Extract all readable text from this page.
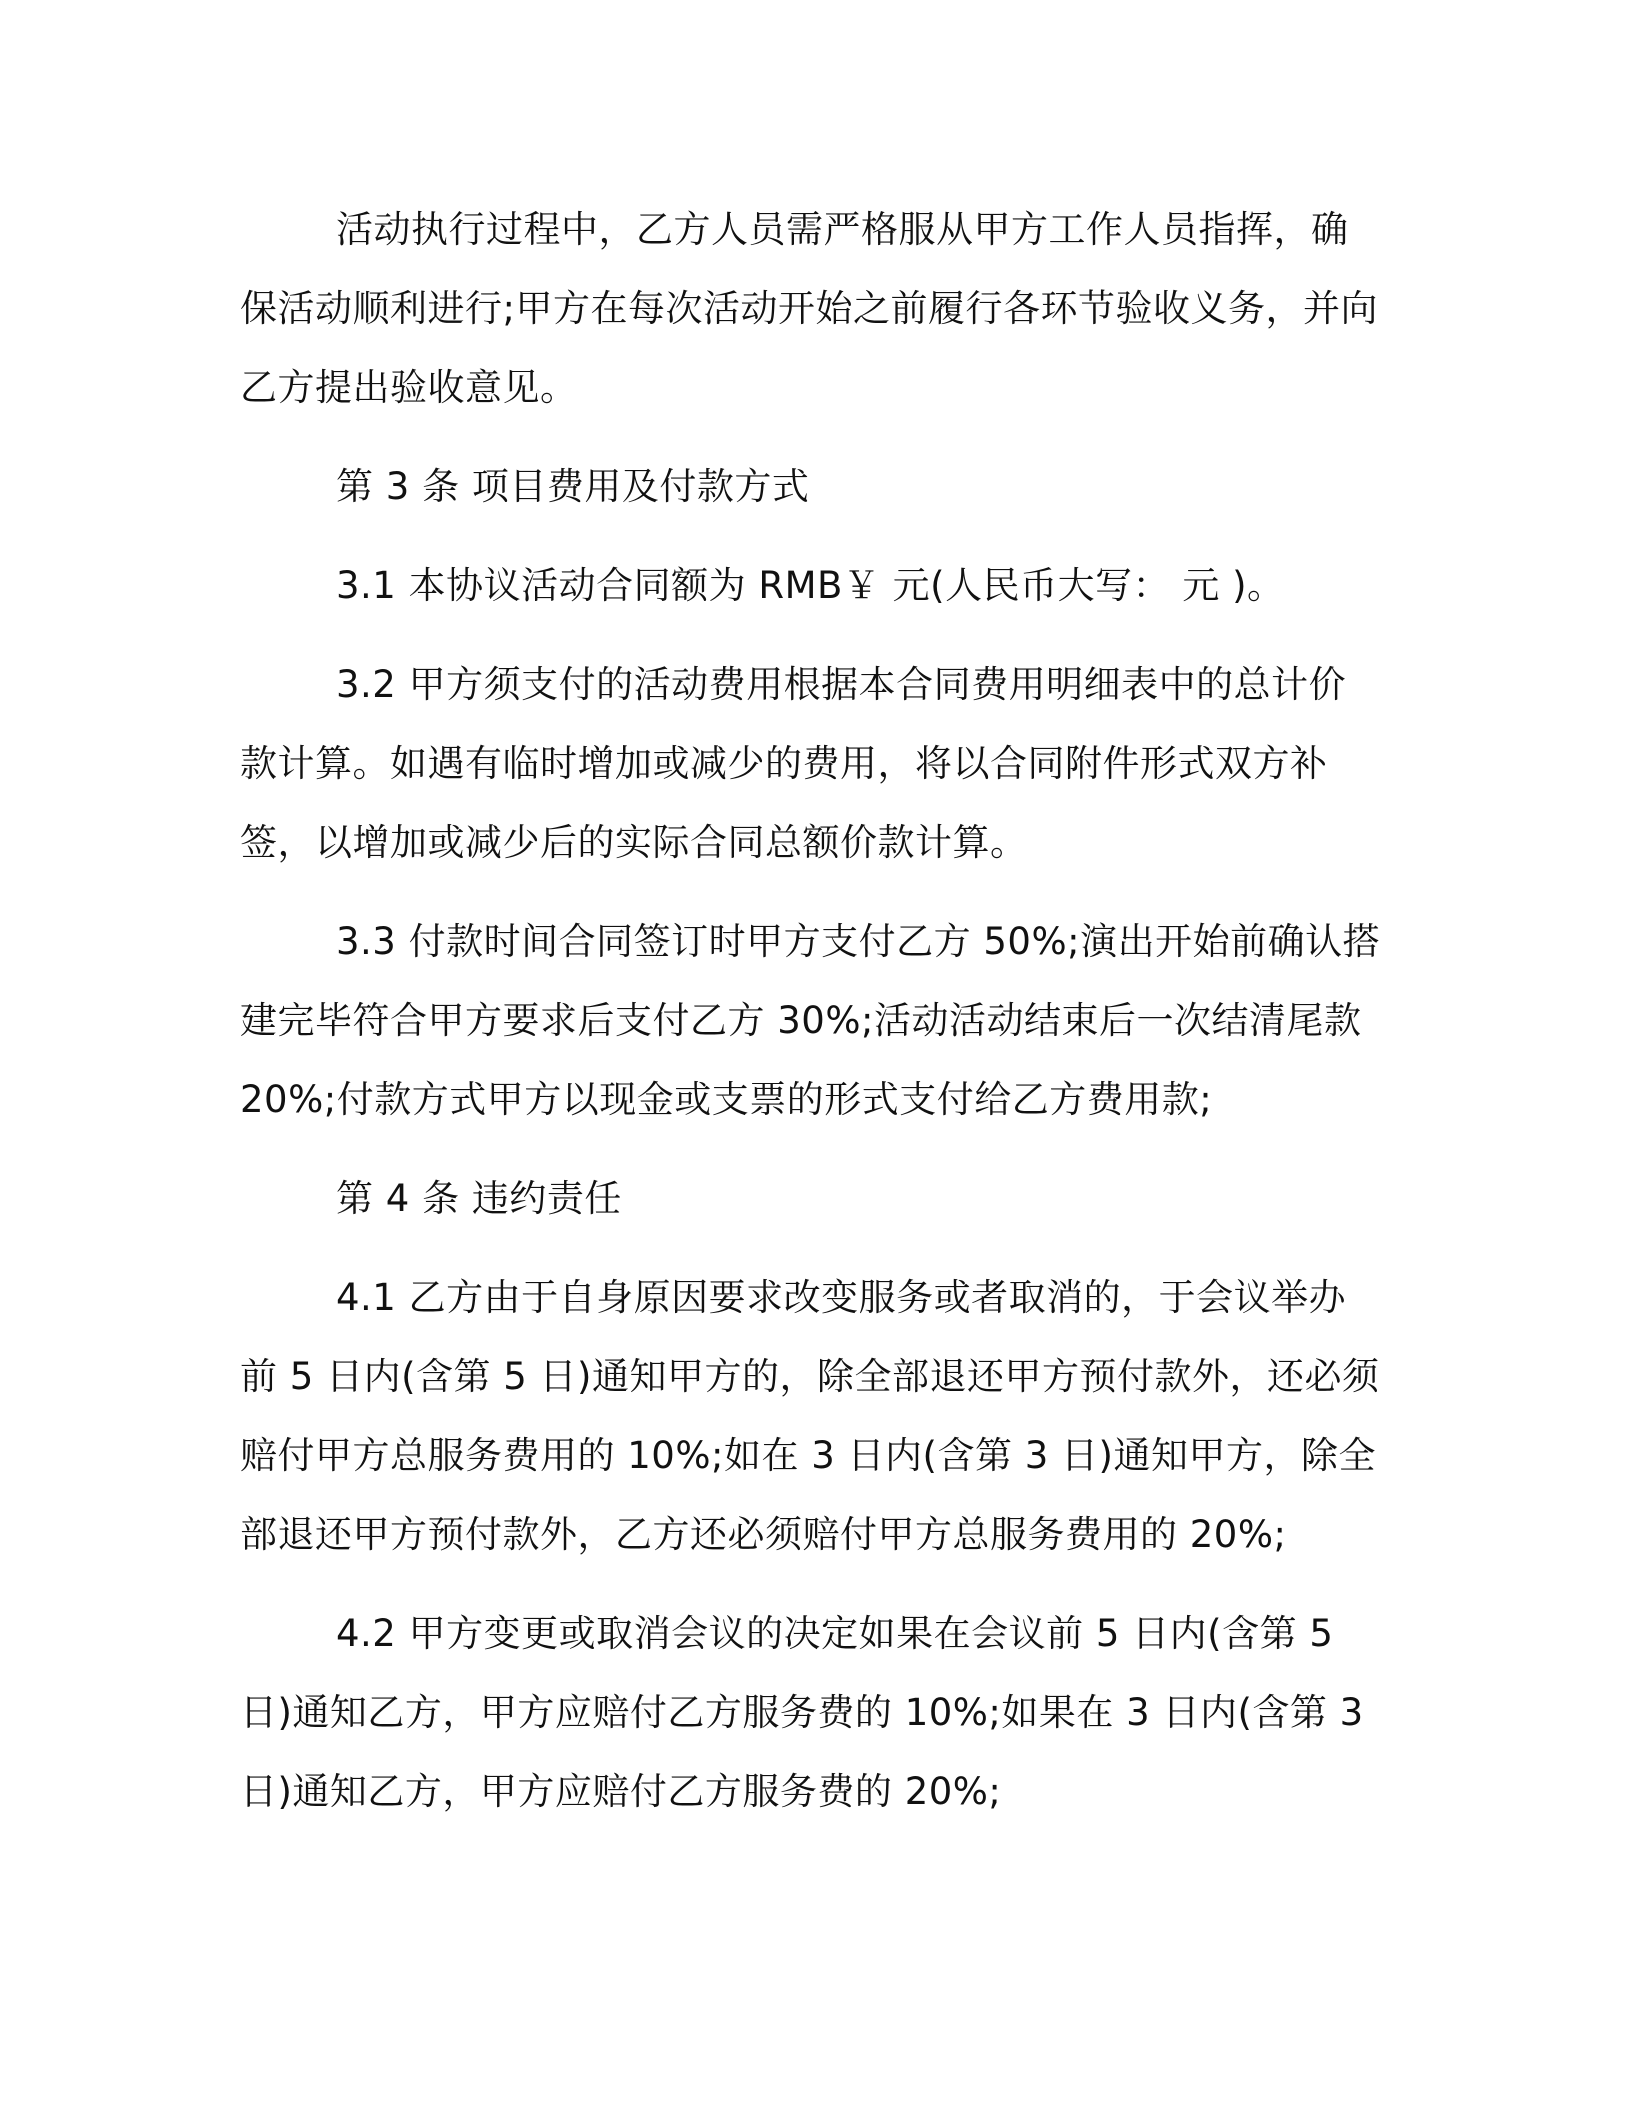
活动执行过程中，乙方人员需严格服从甲方工作人员指挥，确保活动顺利进行;甲方在每次活动开始之前履行各环节验收义务，并向乙方提出验收意见。

第 3 条 项目费用及付款方式

3.1 本协议活动合同额为 RMB￥ 元(人民币大写： 元 )。

3.2 甲方须支付的活动费用根据本合同费用明细表中的总计价款计算。如遇有临时增加或减少的费用，将以合同附件形式双方补签，以增加或减少后的实际合同总额价款计算。

3.3 付款时间合同签订时甲方支付乙方 50%;演出开始前确认搭建完毕符合甲方要求后支付乙方 30%;活动活动结束后一次结清尾款 20%;付款方式甲方以现金或支票的形式支付给乙方费用款;

第 4 条 违约责任

4.1 乙方由于自身原因要求改变服务或者取消的，于会议举办前 5 日内(含第 5 日)通知甲方的，除全部退还甲方预付款外，还必须赔付甲方总服务费用的 10%;如在 3 日内(含第 3 日)通知甲方，除全部退还甲方预付款外，乙方还必须赔付甲方总服务费用的 20%;

4.2 甲方变更或取消会议的决定如果在会议前 5 日内(含第 5 日)通知乙方，甲方应赔付乙方服务费的 10%;如果在 3 日内(含第 3 日)通知乙方，甲方应赔付乙方服务费的 20%;
